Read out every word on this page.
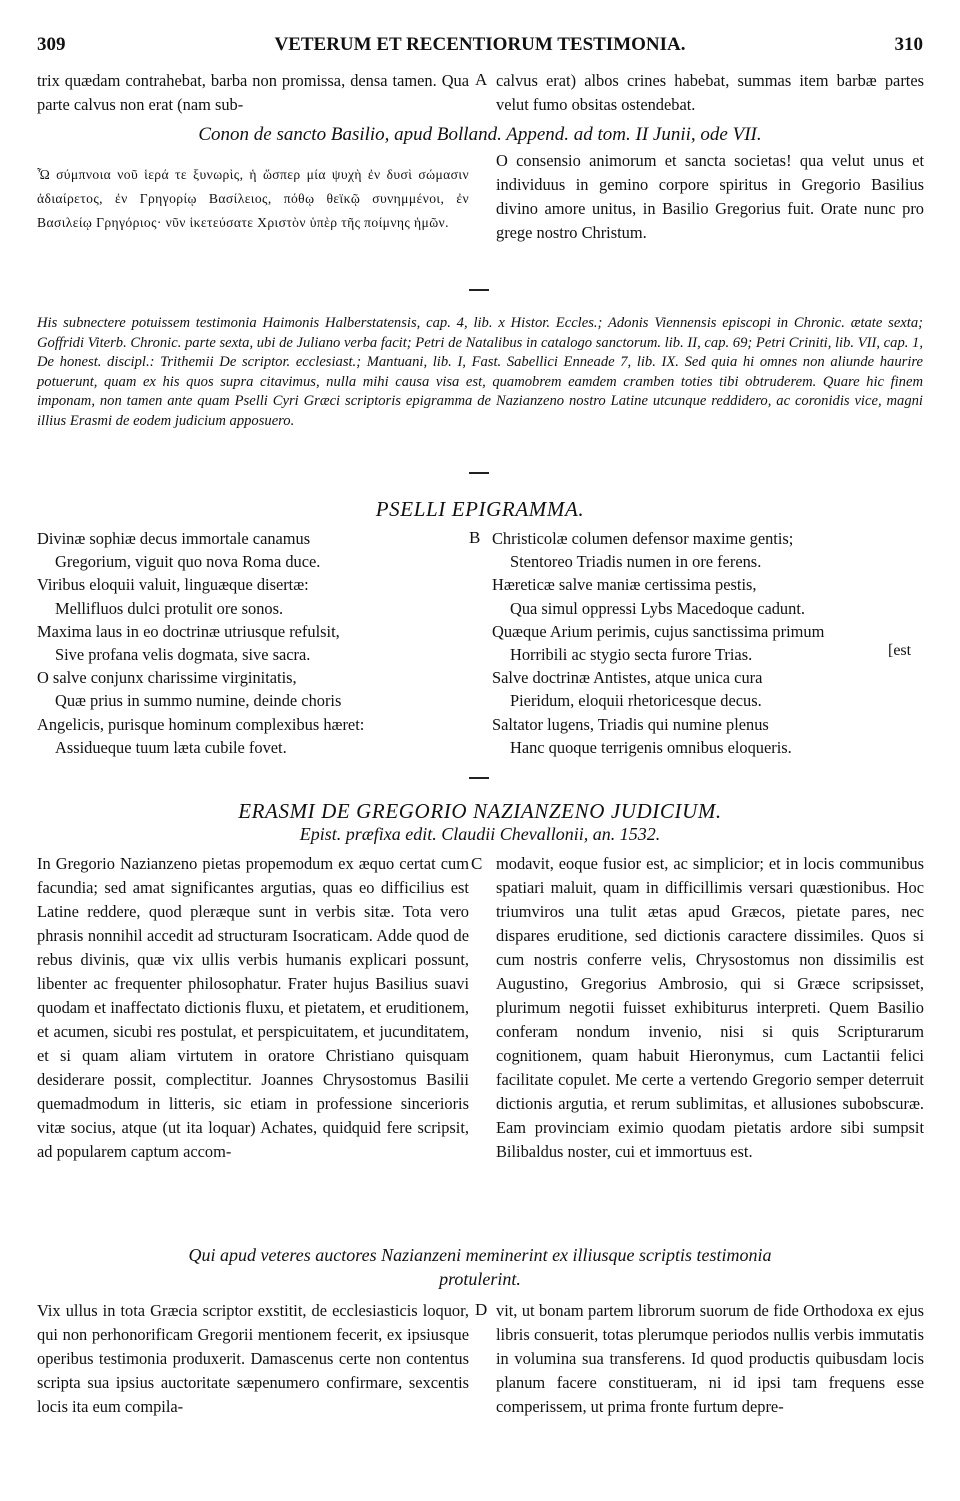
309	VETERUM ET RECENTIORUM TESTIMONIA.	310

trix quædam contrahebat, barba non promissa, densa tamen. Qua parte calvus non erat (nam sub-

A calvus erat) albos crines habebat, summas item barbæ partes velut fumo obsitas ostendebat.

Conon de sancto Basilio, apud Bolland. Append. ad tom. II Junii, ode VII.

Ὦ σύμπνοια νοῦ ἱερά τε ξυνωρὶς, ἡ ὥσπερ μία ψυχὴ ἐν δυσὶ σώμασιν ἀδιαίρετος, ἐν Γρηγορίῳ Βασίλειος, πόθῳ θεϊκῷ συνημμένοι, ἐν Βασιλείῳ Γρηγόριος· νῦν ἱκετεύσατε Χριστὸν ὑπὲρ τῆς ποίμνης ἡμῶν.

O consensio animorum et sancta societas! qua velut unus et individuus in gemino corpore spiritus in Gregorio Basilius divino amore unitus, in Basilio Gregorius fuit. Orate nunc pro grege nostro Christum.

His subnectere potuissem testimonia Haimonis Halberstatensis, cap. 4, lib. x Histor. Eccles.; Adonis Viennensis episcopi in Chronic. ætate sexta; Goffridi Viterb. Chronic. parte sexta, ubi de Juliano verba facit; Petri de Natalibus in catalogo sanctorum. lib. II, cap. 69; Petri Criniti, lib. VII, cap. 1, De honest. discipl.: Trithemii De scriptor. ecclesiast.; Mantuani, lib. I, Fast. Sabellici Enneade 7, lib. IX. Sed quia hi omnes non aliunde haurire potuerunt, quam ex his quos supra citavimus, nulla mihi causa visa est, quamobrem eamdem cramben toties tibi obtruderem. Quare hic finem imponam, non tamen ante quam Pselli Cyri Græci scriptoris epigramma de Nazianzeno nostro Latine utcunque reddidero, ac coronidis vice, magni illius Erasmi de eodem judicium apposuero.

PSELLI EPIGRAMMA.

Divinæ sophiæ decus immortale canamus

Gregorium, viguit quo nova Roma duce.

Viribus eloquii valuit, linguæque disertæ:

Mellifluos dulci protulit ore sonos.

Maxima laus in eo doctrinæ utriusque refulsit,

Sive profana velis dogmata, sive sacra.

O salve conjunx charissime virginitatis,

Quæ prius in summo numine, deinde choris

Angelicis, purisque hominum complexibus hæret:

Assidueque tuum læta cubile fovet.

B Christicolæ columen defensor maxime gentis;

Stentoreo Triadis numen in ore ferens.

Hæreticæ salve maniæ certissima pestis,

Qua simul oppressi Lybs Macedoque cadunt.

Quæque Arium perimis, cujus sanctissima primum

Horribili ac stygio secta furore Trias.

Salve doctrinæ Antistes, atque unica cura

Pieridum, eloquii rhetoricesque decus.

Saltator lugens, Triadis qui numine plenus

Hanc quoque terrigenis omnibus eloqueris.

[est
ERASMI DE GREGORIO NAZIANZENO JUDICIUM.
Epist. præfixa edit. Claudii Chevallonii, an. 1532.

In Gregorio Nazianzeno pietas propemodum ex æquo certat cum facundia; sed amat significantes argutias, quas eo difficilius est Latine reddere, quod pleræque sunt in verbis sitæ. Tota vero phrasis nonnihil accedit ad structuram Isocraticam. Adde quod de rebus divinis, quæ vix ullis verbis humanis explicari possunt, libenter ac frequenter philosophatur. Frater hujus Basilius suavi quodam et inaffectato dictionis fluxu, et pietatem, et eruditionem, et acumen, sicubi res postulat, et perspicuitatem, et jucunditatem, et si quam aliam virtutem in oratore Christiano quisquam desiderare possit, complectitur. Joannes Chrysostomus Basilii quemadmodum in litteris, sic etiam in professione sincerioris vitæ socius, atque (ut ita loquar) Achates, quidquid fere scripsit, ad popularem captum accom-

C modavit, eoque fusior est, ac simplicior; et in locis communibus spatiari maluit, quam in difficillimis versari quæstionibus. Hoc triumviros una tulit ætas apud Græcos, pietate pares, nec dispares eruditione, sed dictionis caractere dissimiles. Quos si cum nostris conferre velis, Chrysostomus non dissimilis est Augustino, Gregorius Ambrosio, qui si Græce scripsisset, plurimum negotii fuisset exhibiturus interpreti. Quem Basilio conferam nondum invenio, nisi si quis Scripturarum cognitionem, quam habuit Hieronymus, cum Lactantii felici facilitate copulet. Me certe a vertendo Gregorio semper deterruit dictionis argutia, et rerum sublimitas, et allusiones subobscuræ. Eam provinciam eximio quodam pietatis ardore sibi sumpsit Bilibaldus noster, cui et immortuus est.

Qui apud veteres auctores Nazianzeni meminerint ex illiusque scriptis testimonia
protulerint.

Vix ullus in tota Græcia scriptor exstitit, de ecclesiasticis loquor, qui non perhonorificam Gregorii mentionem fecerit, ex ipsiusque operibus testimonia produxerit. Damascenus certe non contentus scripta sua ipsius auctoritate sæpenumero confirmare, sexcentis locis ita eum compila-

D vit, ut bonam partem librorum suorum de fide Orthodoxa ex ejus libris consuerit, totas plerumque periodos nullis verbis immutatis in volumina sua transferens. Id quod productis quibusdam locis planum facere constitueram, ni id ipsi tam frequens esse comperissem, ut prima fronte furtum depre-
